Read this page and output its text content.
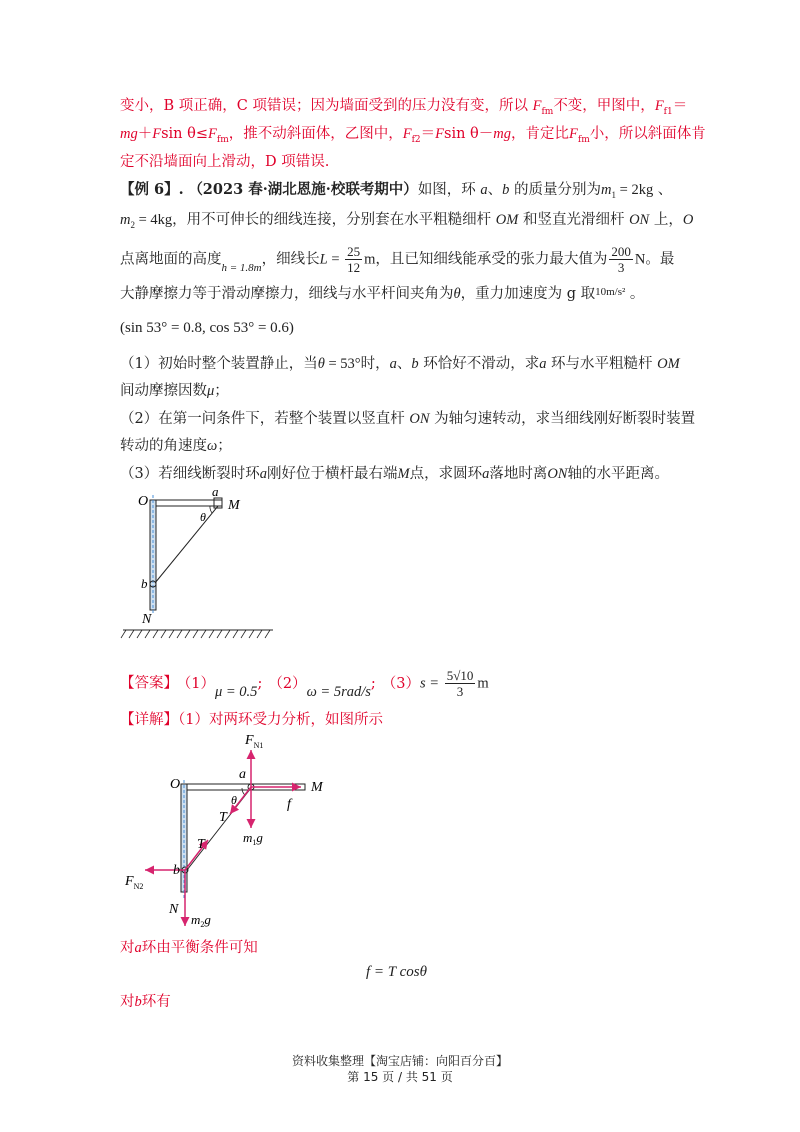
变小，B 项正确，C 项错误；因为墙面受到的压力没有变，所以 $F_{fm}$不变，甲图中，$F_{f1}=$
mg＋Fsin $\theta\le F_{fm}$，推不动斜面体，乙图中，$F_{f2}=Fsin$ θ－mg，肯定比$F_{fm}$小，所以斜面体肯
定不沿墙面向上滑动，D 项错误.
【例 6】. （2023 春·湖北恩施·校联考期中）如图，环 a、b 的质量分别为$m_1 = 2kg$ 、
$m_2 = 4kg$，用不可伸长的细线连接，分别套在水平粗糙细杆 OM 和竖直光滑细杆 ON 上，O
点离地面的高度$_{h = 1.8m}$，细线长$L = \frac{25}{12}$ m，且已知细线能承受的张力最大值为 $\frac{200}{3}$ N。最
大静摩擦力等于滑动摩擦力，细线与水平杆间夹角为θ，重力加速度为 g 取$^{10m/s^2}$ 。
(sin 53° = 0.8, cos 53° = 0.6)
（1）初始时整个装置静止，当θ = 53°时，a、b 环恰好不滑动，求a 环与水平粗糙杆 OM
间动摩擦因数μ；
（2）在第一问条件下，若整个装置以竖直杆 ON 为轴匀速转动，求当细线刚好断裂时装置
转动的角速度ω；
（3）若细线断裂时环a刚好位于横杆最右端M点，求圆环a落地时离ON轴的水平距离。
O
a
M
θ
b
N
【答案】 （1）μ = 0.5; （2）ω = 5rad/s; $(3)s = \frac{5√10}{3}$ m
【详解】（1）对两环受力分析，如图所示
$F_{N1}$
O
a
M
θ	f
T
$m_1g$
T
b
$F_{N2}$
N
$m_2g$
对a环由平衡条件可知
f = T cosθ
对b环有
资料收集整理【淘宝店铺：向阳百分百】
第 15 页 / 共 51 页
